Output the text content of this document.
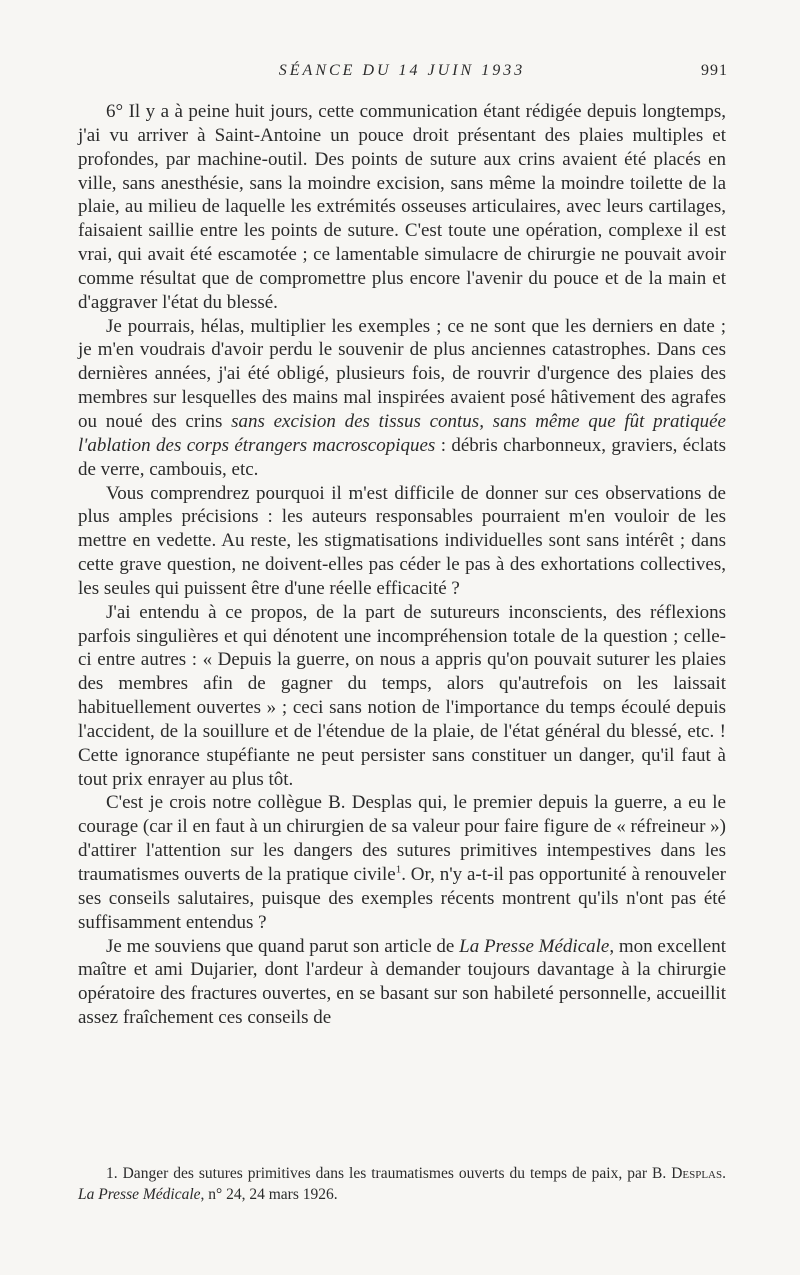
SÉANCE DU 14 JUIN 1933	991

6° Il y a à peine huit jours, cette communication étant rédigée depuis longtemps, j'ai vu arriver à Saint-Antoine un pouce droit présentant des plaies multiples et profondes, par machine-outil. Des points de suture aux crins avaient été placés en ville, sans anesthésie, sans la moindre excision, sans même la moindre toilette de la plaie, au milieu de laquelle les extrémités osseuses articulaires, avec leurs cartilages, faisaient saillie entre les points de suture. C'est toute une opération, complexe il est vrai, qui avait été escamotée ; ce lamentable simulacre de chirurgie ne pouvait avoir comme résultat que de compromettre plus encore l'avenir du pouce et de la main et d'aggraver l'état du blessé.

Je pourrais, hélas, multiplier les exemples ; ce ne sont que les derniers en date ; je m'en voudrais d'avoir perdu le souvenir de plus anciennes catastrophes. Dans ces dernières années, j'ai été obligé, plusieurs fois, de rouvrir d'urgence des plaies des membres sur lesquelles des mains mal inspirées avaient posé hâtivement des agrafes ou noué des crins sans excision des tissus contus, sans même que fût pratiquée l'ablation des corps étrangers macroscopiques : débris charbonneux, graviers, éclats de verre, cambouis, etc.

Vous comprendrez pourquoi il m'est difficile de donner sur ces observations de plus amples précisions : les auteurs responsables pourraient m'en vouloir de les mettre en vedette. Au reste, les stigmatisations individuelles sont sans intérêt ; dans cette grave question, ne doivent-elles pas céder le pas à des exhortations collectives, les seules qui puissent être d'une réelle efficacité ?

J'ai entendu à ce propos, de la part de sutureurs inconscients, des réflexions parfois singulières et qui dénotent une incompréhension totale de la question ; celle-ci entre autres : « Depuis la guerre, on nous a appris qu'on pouvait suturer les plaies des membres afin de gagner du temps, alors qu'autrefois on les laissait habituellement ouvertes » ; ceci sans notion de l'importance du temps écoulé depuis l'accident, de la souillure et de l'étendue de la plaie, de l'état général du blessé, etc. ! Cette ignorance stupéfiante ne peut persister sans constituer un danger, qu'il faut à tout prix enrayer au plus tôt.

C'est je crois notre collègue B. Desplas qui, le premier depuis la guerre, a eu le courage (car il en faut à un chirurgien de sa valeur pour faire figure de « réfreineur ») d'attirer l'attention sur les dangers des sutures primitives intempestives dans les traumatismes ouverts de la pratique civile$^1$. Or, n'y a-t-il pas opportunité à renouveler ses conseils salutaires, puisque des exemples récents montrent qu'ils n'ont pas été suffisamment entendus ?

Je me souviens que quand parut son article de La Presse Médicale, mon excellent maître et ami Dujarier, dont l'ardeur à demander toujours davantage à la chirurgie opératoire des fractures ouvertes, en se basant sur son habileté personnelle, accueillit assez fraîchement ces conseils de

1. Danger des sutures primitives dans les traumatismes ouverts du temps de paix, par B. Desplas. La Presse Médicale, n° 24, 24 mars 1926.
